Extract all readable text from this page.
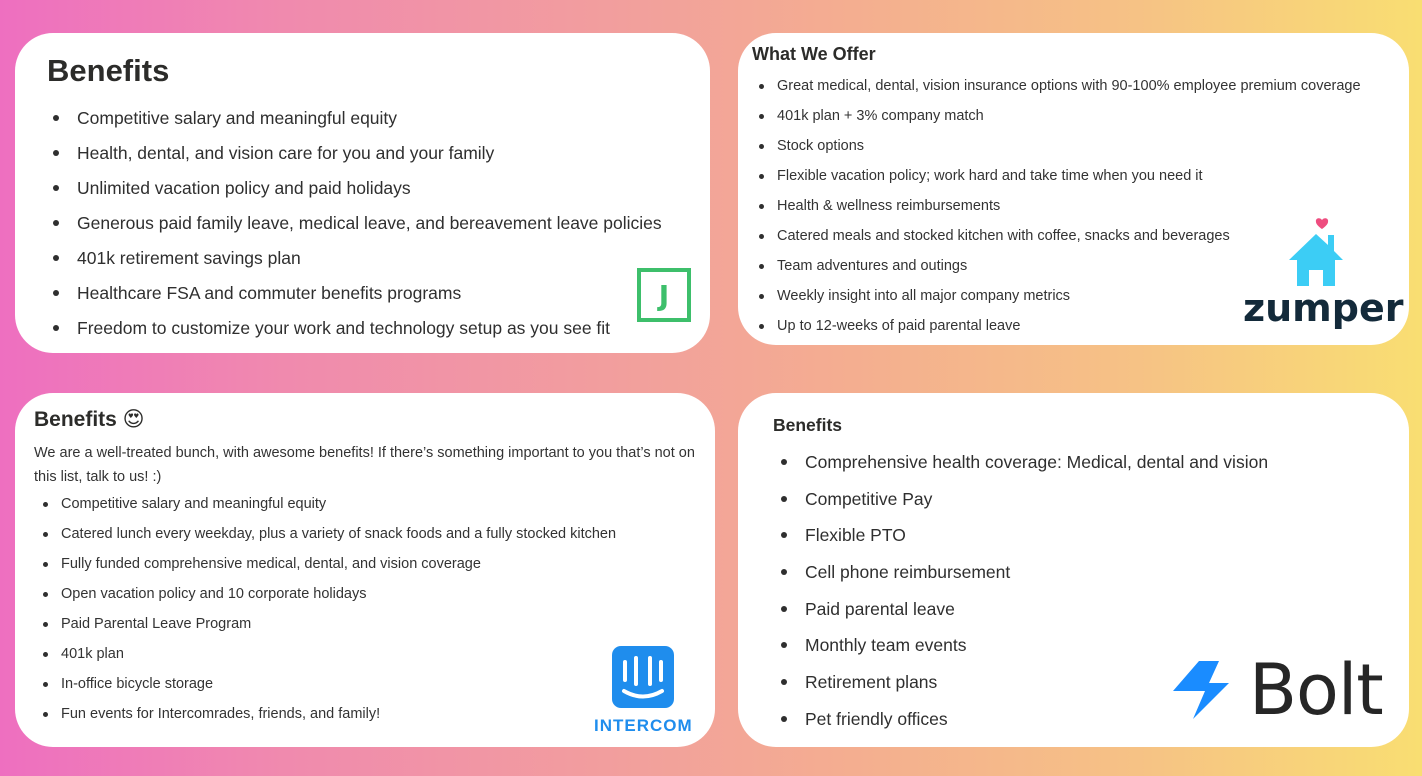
Benefits
Competitive salary and meaningful equity
Health, dental, and vision care for you and your family
Unlimited vacation policy and paid holidays
Generous paid family leave, medical leave, and bereavement leave policies
401k retirement savings plan
Healthcare FSA and commuter benefits programs
Freedom to customize your work and technology setup as you see fit
J
What We Offer
Great medical, dental, vision insurance options with 90-100% employee premium coverage
401k plan + 3% company match
Stock options
Flexible vacation policy; work hard and take time when you need it
Health & wellness reimbursements
Catered meals and stocked kitchen with coffee, snacks and beverages
Team adventures and outings
Weekly insight into all major company metrics
Up to 12-weeks of paid parental leave	zumper
Benefits 😍
We are a well-treated bunch, with awesome benefits! If there’s something important to you that’s not on this list, talk to us! :)
Competitive salary and meaningful equity
Catered lunch every weekday, plus a variety of snack foods and a fully stocked kitchen
Fully funded comprehensive medical, dental, and vision coverage
Open vacation policy and 10 corporate holidays
Paid Parental Leave Program
401k plan
In-office bicycle storage
Fun events for Intercomrades, friends, and family!
INTERCOM
Benefits
Comprehensive health coverage: Medical, dental and vision
Competitive Pay
Flexible PTO
Cell phone reimbursement
Paid parental leave
Monthly team events
Retirement plans
Pet friendly offices	Bolt
